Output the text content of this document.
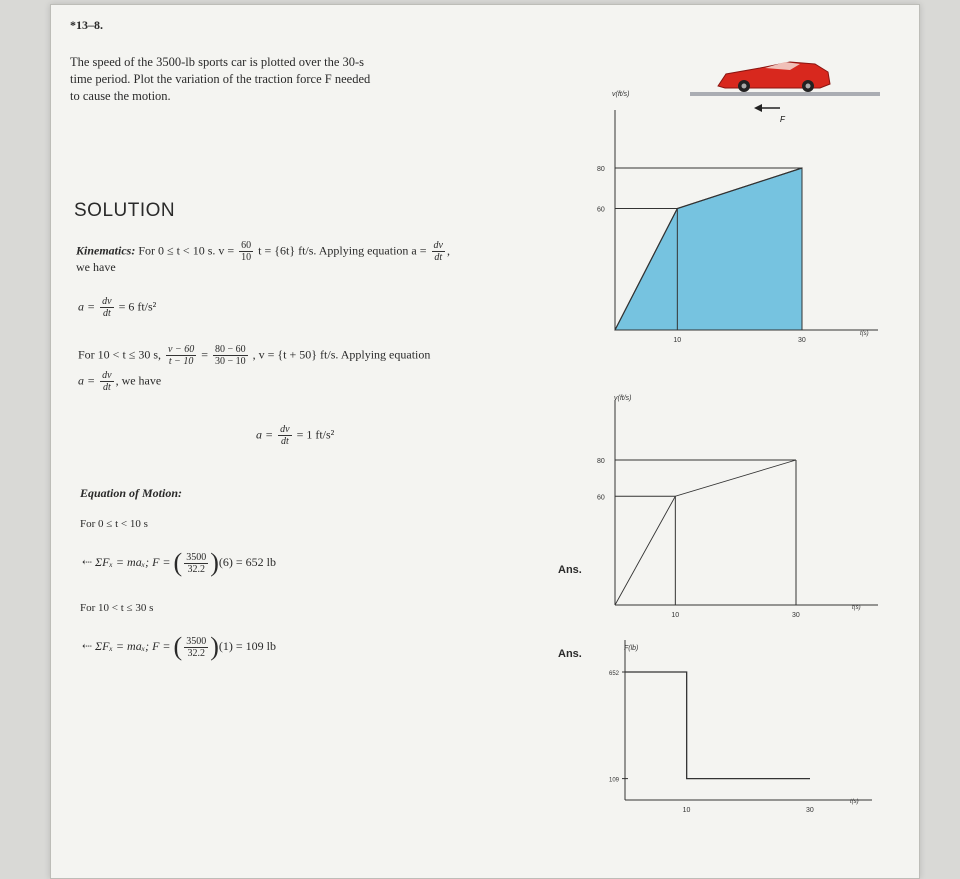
*13–8.
The speed of the 3500-lb sports car is plotted over the 30-s
time period. Plot the variation of the traction force F needed
to cause the motion.
SOLUTION
Kinematics: For 0 ≤ t < 10 s. $v = \frac{60}{10}$ t = {6t} ft/s. Applying equation $a = \frac{dv}{dt}$ ,
we have
$a = \frac{dv}{dt} = 6$ ft/s²
For 10 < t ≤ 30 s, $\frac{v - 60}{t - 10} = \frac{80 - 60}{30 - 10}$ , v = {t + 50} ft/s. Applying equation
$a = \frac{dv}{dt}$ , we have
$a = \frac{dv}{dt} = 1$ ft/s²
Equation of Motion:
For 0 ≤ t < 10 s
⇠ ΣFₓ = maₓ; F = ( $\frac{3500}{32.2} )(6) = 652$ lb
Ans.
For 10 < t ≤ 30 s
⇠ ΣFₓ = maₓ; F = ( $\frac{3500}{32.2} )(1) = 109$ lb
Ans.
F
60
80
10	30
v(ft/s)
t(s)
60
80
10	30
v(ft/s)
t(s)
109
652
10	30
F(lb)
t(s)
